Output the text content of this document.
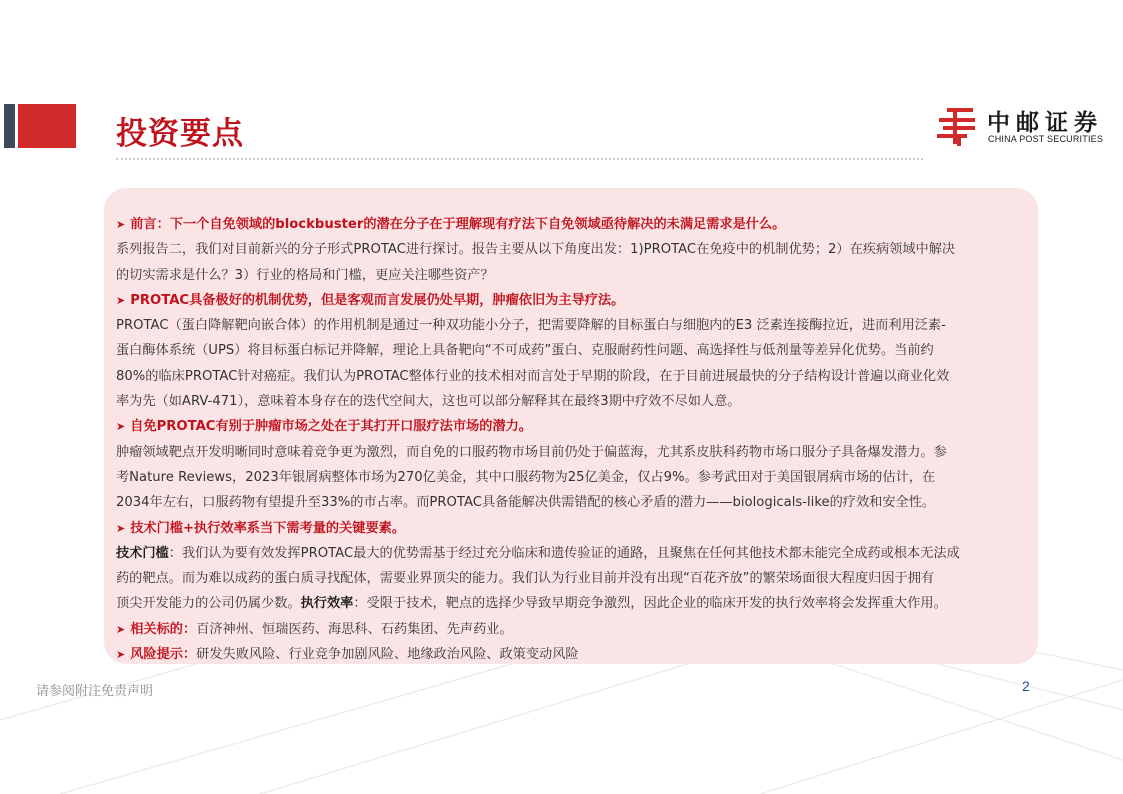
投资要点	中邮证券
CHINA POST SECURITIES
➤ 前言：下一个自免领域的blockbuster的潜在分子在于理解现有疗法下自免领域亟待解决的未满足需求是什么。

系列报告二，我们对目前新兴的分子形式PROTAC进行探讨。报告主要从以下角度出发：1)PROTAC在免疫中的机制优势；2）在疾病领域中解决
的切实需求是什么？3）行业的格局和门槛，更应关注哪些资产？

➤ PROTAC具备极好的机制优势，但是客观而言发展仍处早期，肿瘤依旧为主导疗法。

PROTAC（蛋白降解靶向嵌合体）的作用机制是通过一种双功能小分子，把需要降解的目标蛋白与细胞内的E3 泛素连接酶拉近，进而利用泛素-
蛋白酶体系统（UPS）将目标蛋白标记并降解，理论上具备靶向“不可成药”蛋白、克服耐药性问题、高选择性与低剂量等差异化优势。当前约
80%的临床PROTAC针对癌症。我们认为PROTAC整体行业的技术相对而言处于早期的阶段，在于目前进展最快的分子结构设计普遍以商业化效
率为先（如ARV-471），意味着本身存在的迭代空间大，这也可以部分解释其在最终3期中疗效不尽如人意。

➤ 自免PROTAC有别于肿瘤市场之处在于其打开口服疗法市场的潜力。

肿瘤领域靶点开发明晰同时意味着竞争更为激烈，而自免的口服药物市场目前仍处于偏蓝海，尤其系皮肤科药物市场口服分子具备爆发潜力。参
考Nature Reviews，2023年银屑病整体市场为270亿美金，其中口服药物为25亿美金，仅占9%。参考武田对于美国银屑病市场的估计，在
2034年左右，口服药物有望提升至33%的市占率。而PROTAC具备能解决供需错配的核心矛盾的潜力——biologicals-like的疗效和安全性。

➤ 技术门槛+执行效率系当下需考量的关键要素。

技术门槛：我们认为要有效发挥PROTAC最大的优势需基于经过充分临床和遗传验证的通路，且聚焦在任何其他技术都未能完全成药或根本无法成
药的靶点。而为难以成药的蛋白质寻找配体，需要业界顶尖的能力。我们认为行业目前并没有出现“百花齐放”的繁荣场面很大程度归因于拥有
顶尖开发能力的公司仍属少数。执行效率：受限于技术，靶点的选择少导致早期竞争激烈，因此企业的临床开发的执行效率将会发挥重大作用。

➤ 相关标的：百济神州、恒瑞医药、海思科、石药集团、先声药业。
➤ 风险提示：研发失败风险、行业竞争加剧风险、地缘政治风险、政策变动风险
请参阅附注免责声明	2
